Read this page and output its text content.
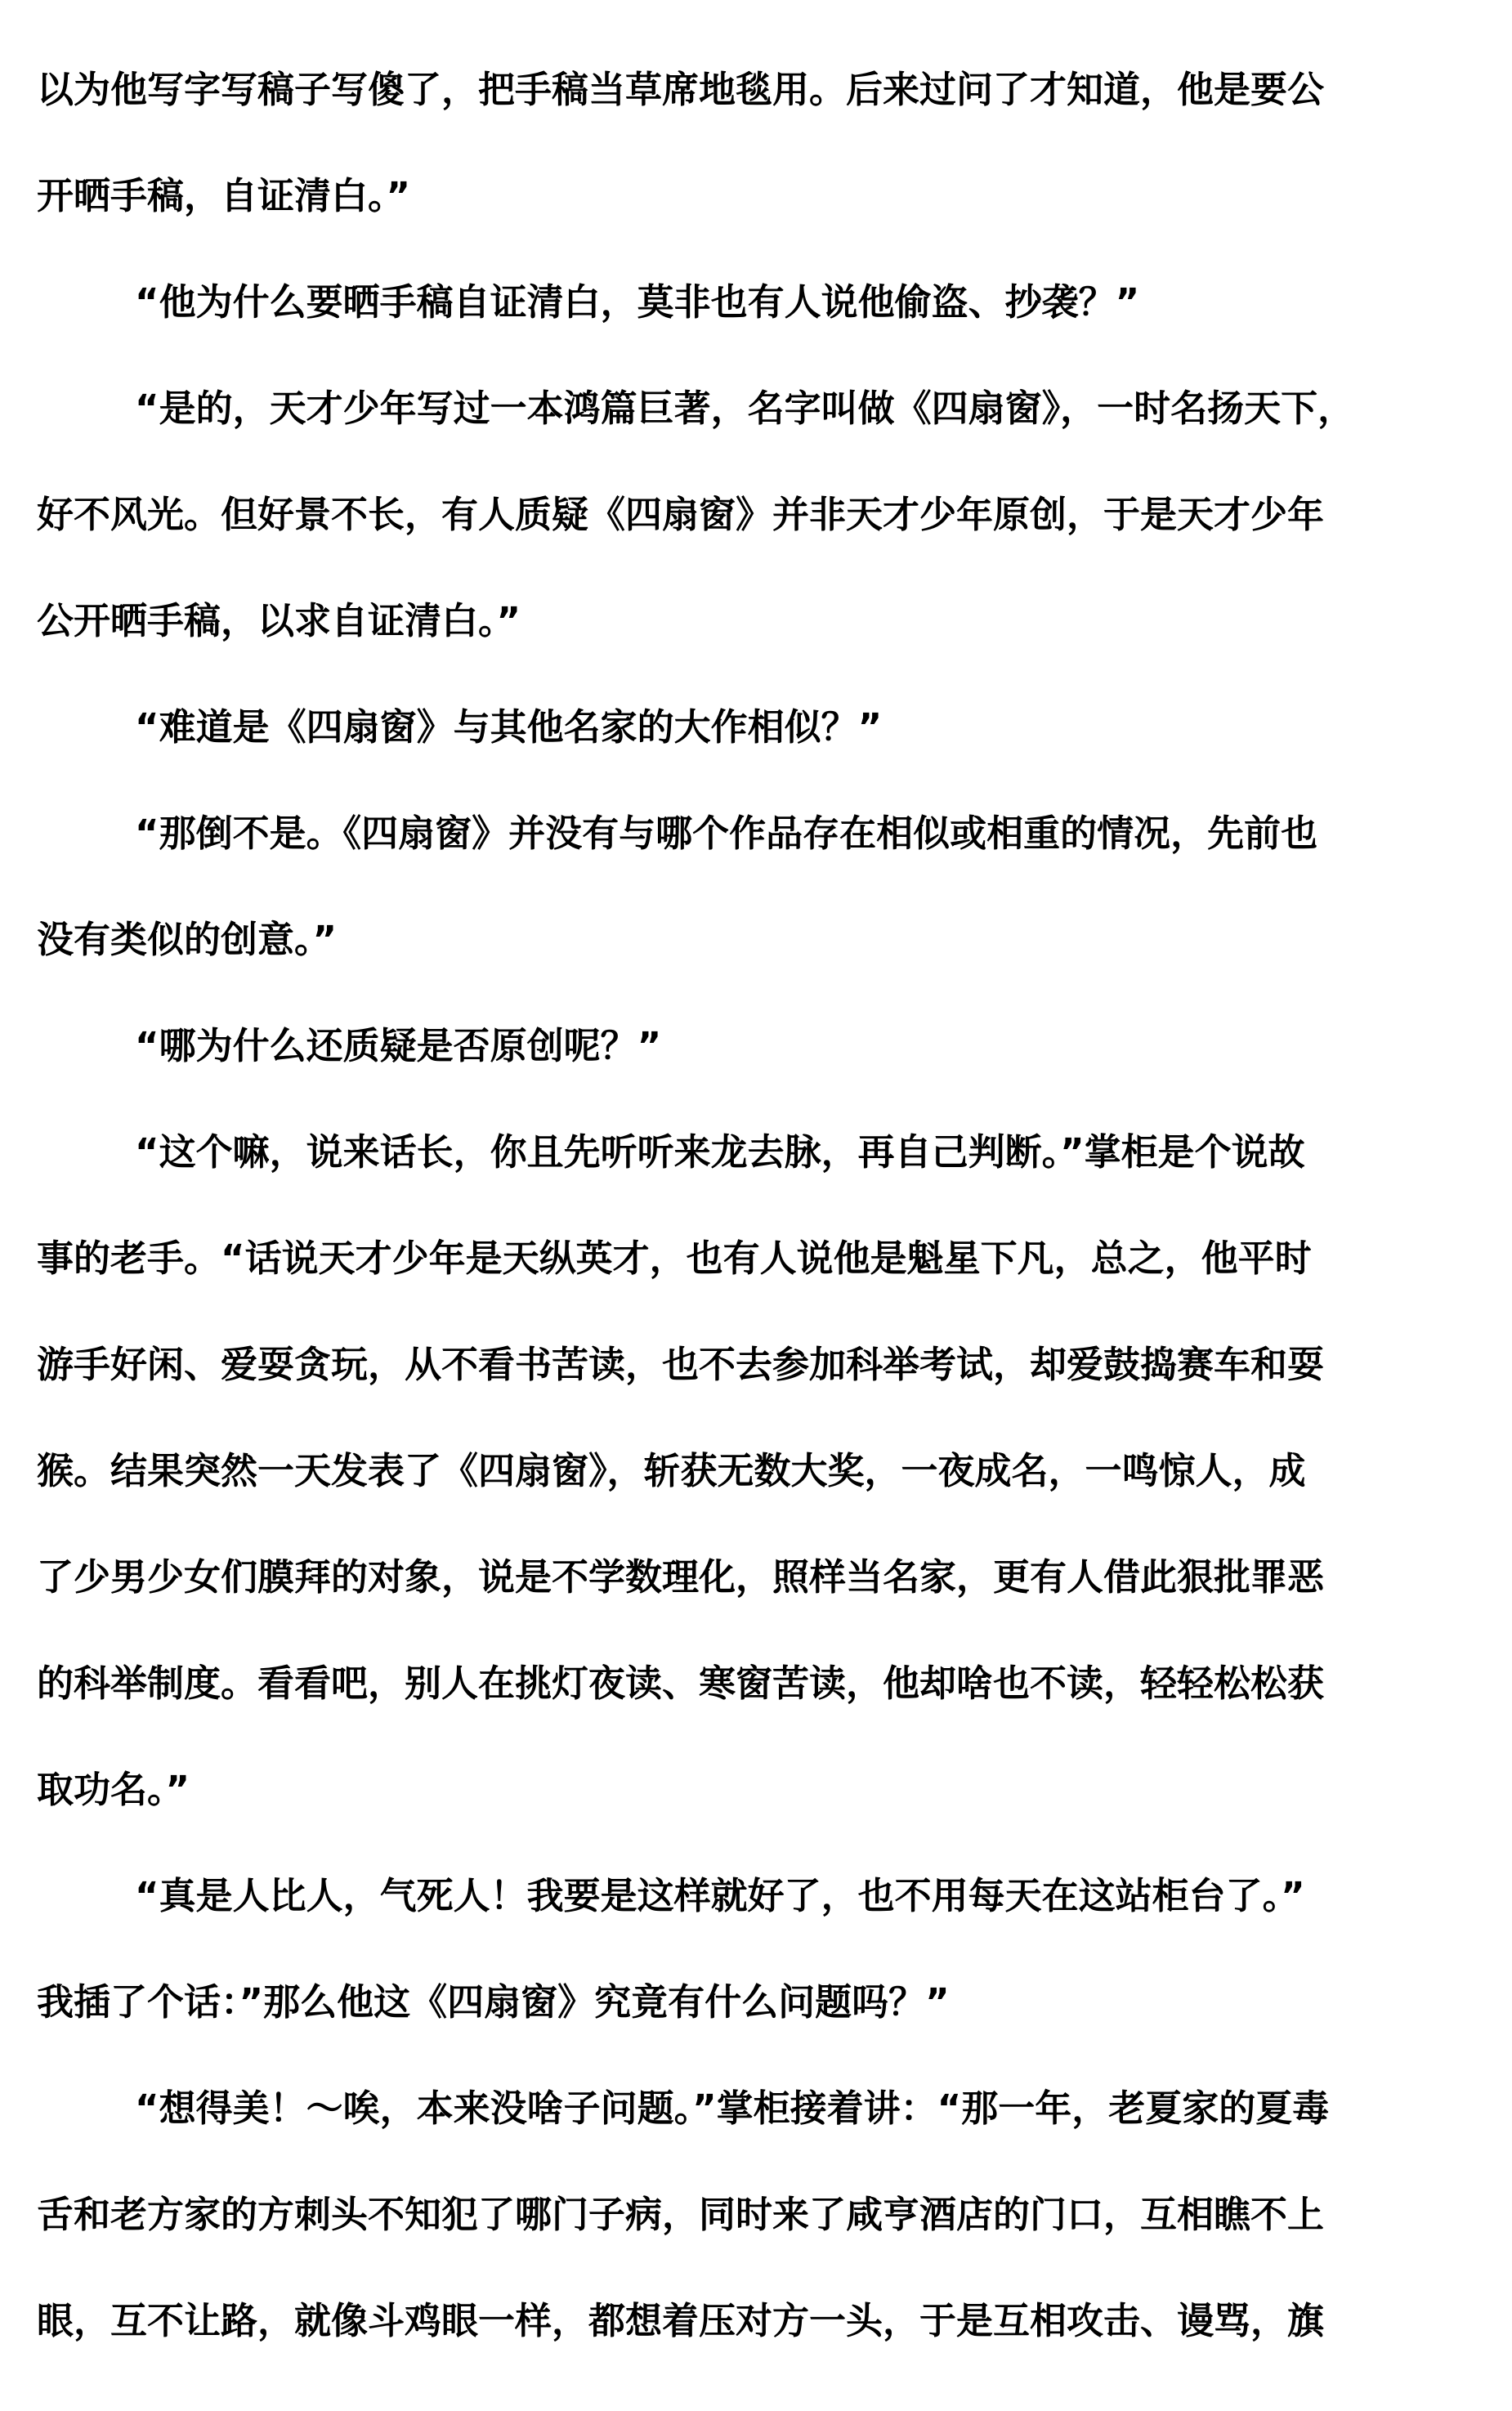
以为他写字写稿子写傻了，把手稿当草席地毯用。后来过问了才知道，他是要公
开晒手稿，自证清白。”
“他为什么要晒手稿自证清白，莫非也有人说他偷盗、抄袭？”
“是的，天才少年写过一本鸿篇巨著，名字叫做《四扇窗》，一时名扬天下，
好不风光。但好景不长，有人质疑《四扇窗》并非天才少年原创，于是天才少年
公开晒手稿，以求自证清白。”
“难道是《四扇窗》与其他名家的大作相似？”
“那倒不是。《四扇窗》并没有与哪个作品存在相似或相重的情况，先前也
没有类似的创意。”
“哪为什么还质疑是否原创呢？”
“这个嘛，说来话长，你且先听听来龙去脉，再自己判断。”掌柜是个说故
事的老手。“话说天才少年是天纵英才，也有人说他是魁星下凡，总之，他平时
游手好闲、爱耍贪玩，从不看书苦读，也不去参加科举考试，却爱鼓捣赛车和耍
猴。结果突然一天发表了《四扇窗》，斩获无数大奖，一夜成名，一鸣惊人，成
了少男少女们膜拜的对象，说是不学数理化，照样当名家，更有人借此狠批罪恶
的科举制度。看看吧，别人在挑灯夜读、寒窗苦读，他却啥也不读，轻轻松松获
取功名。”
“真是人比人，气死人！我要是这样就好了，也不用每天在这站柜台了。”
我插了个话：”那么他这《四扇窗》究竟有什么问题吗？”
“想得美！～唉，本来没啥子问题。”掌柜接着讲：“那一年，老夏家的夏毒
舌和老方家的方刺头不知犯了哪门子病，同时来了咸亨酒店的门口，互相瞧不上
眼，互不让路，就像斗鸡眼一样，都想着压对方一头，于是互相攻击、谩骂，旗
